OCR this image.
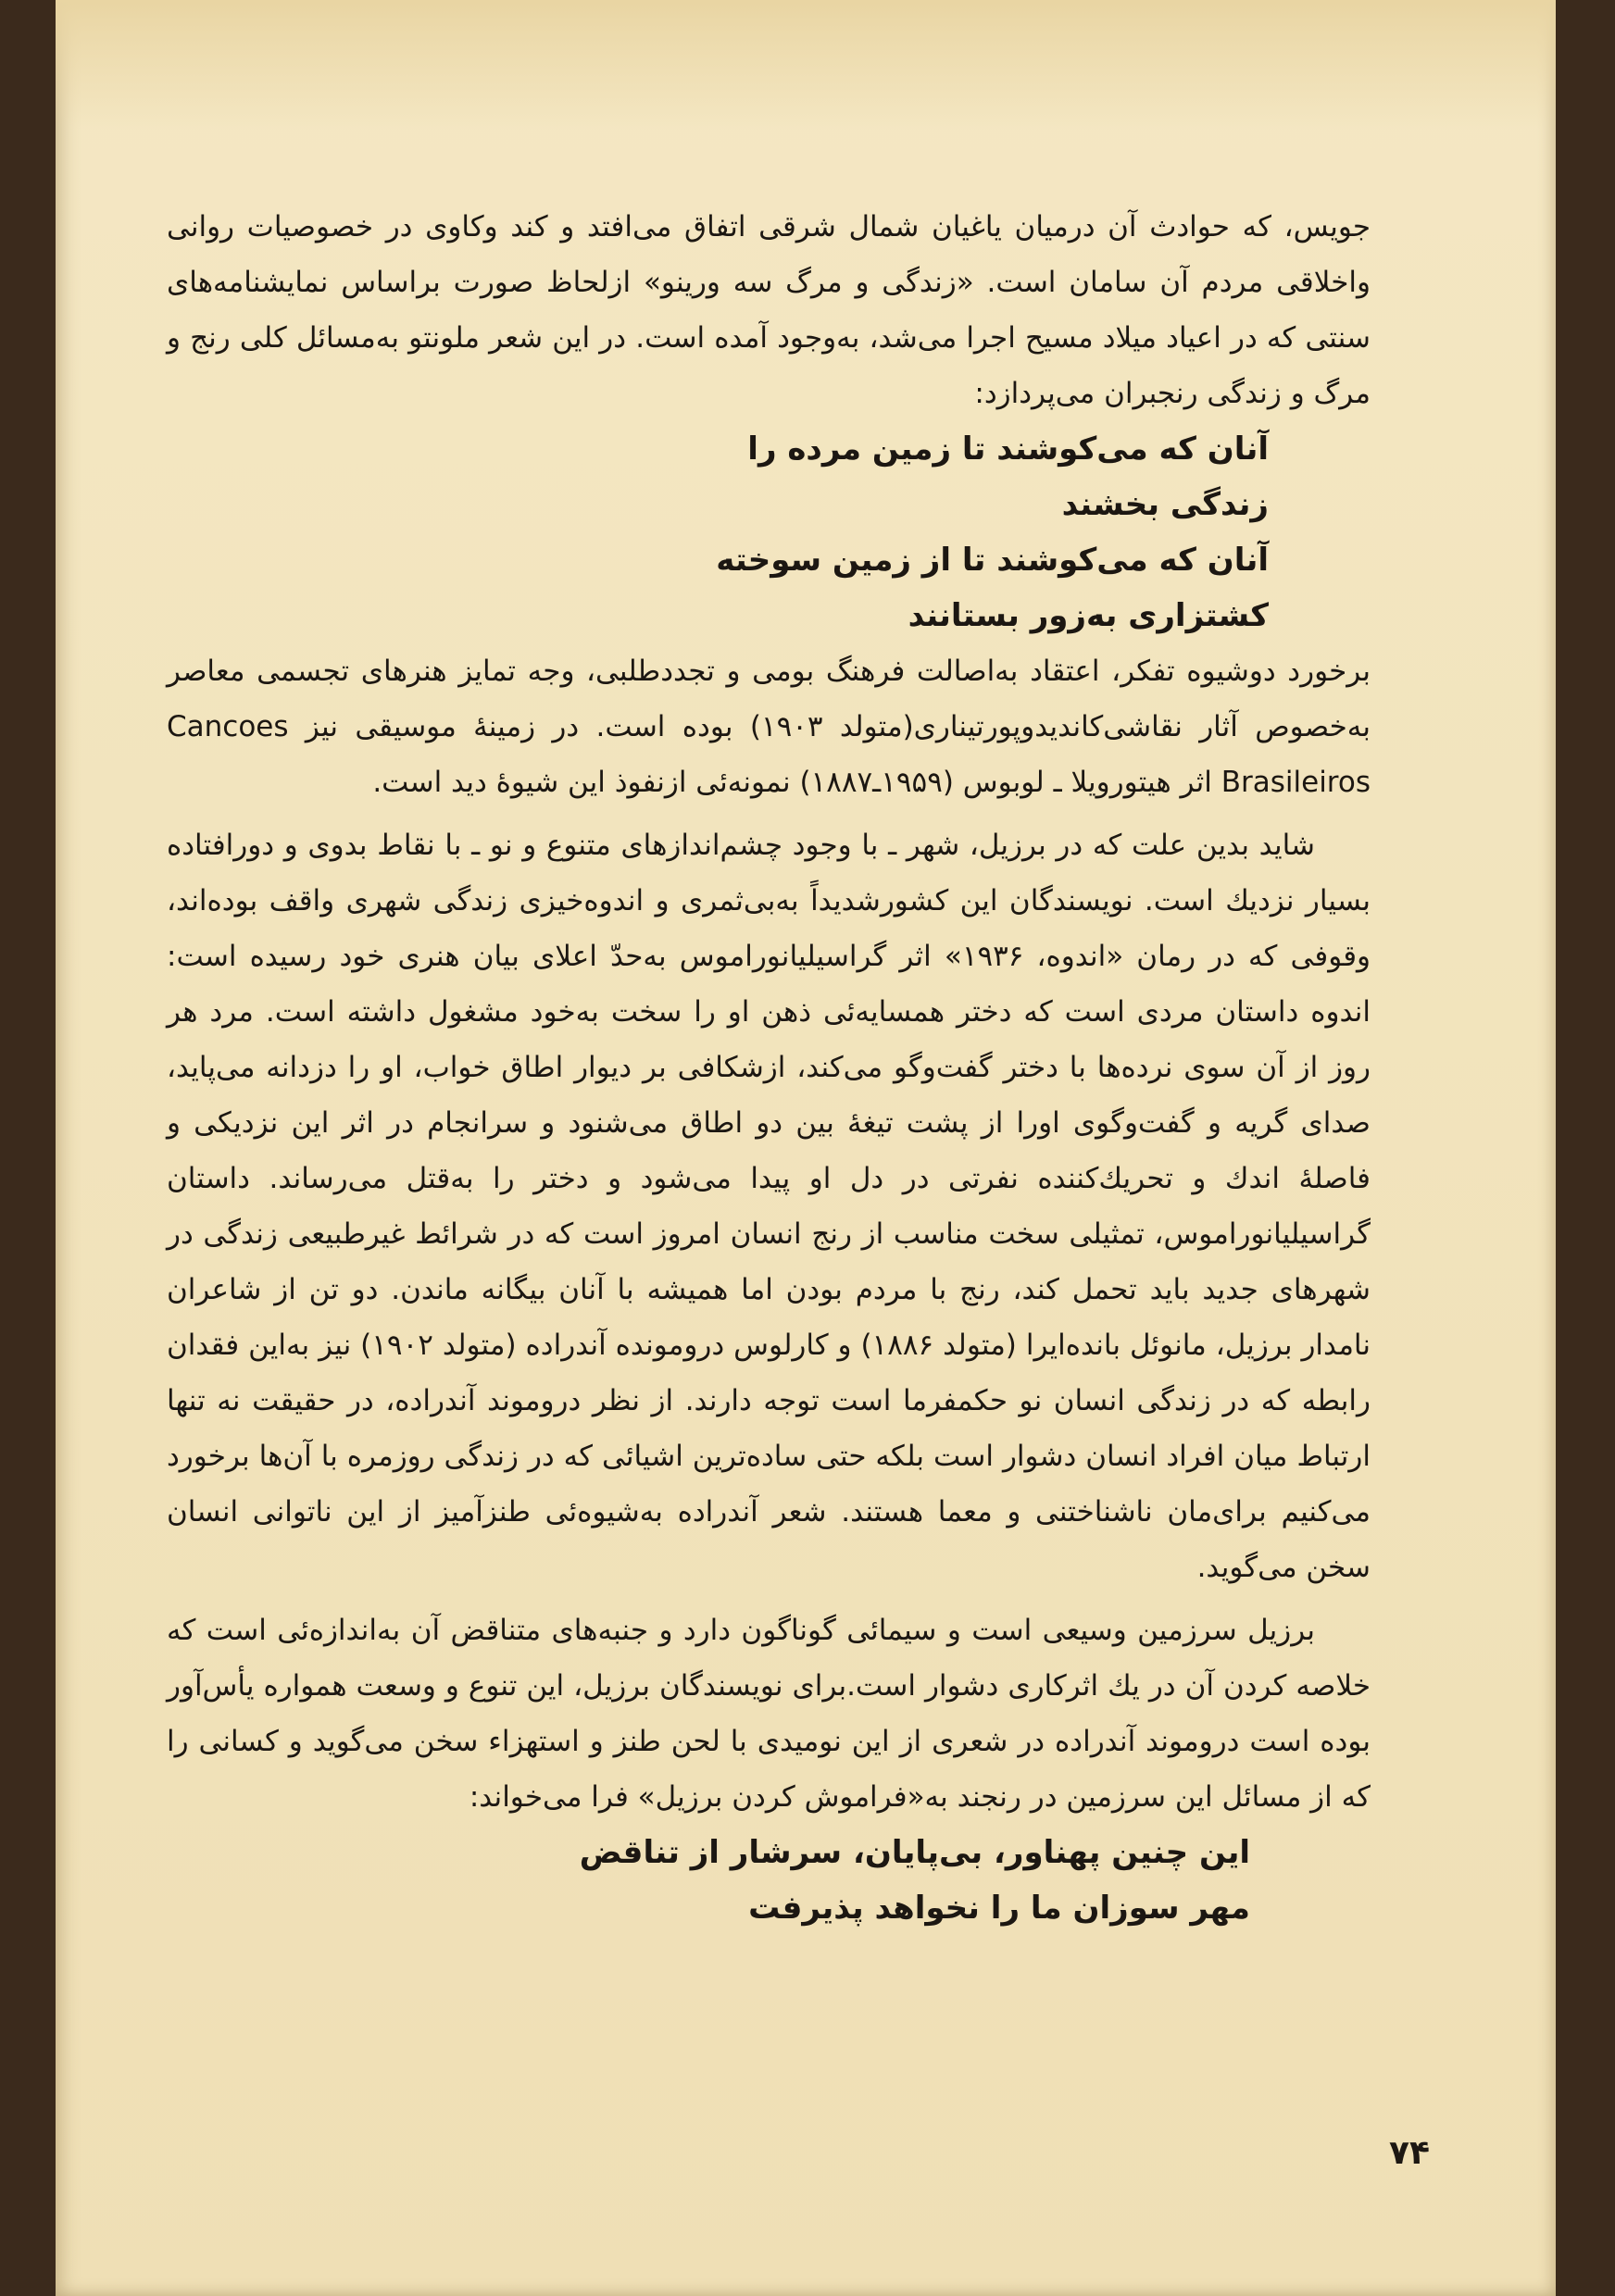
جویس، که حوادث آن درمیان یاغیان شمال شرقی اتفاق می‌افتد و کند وکاوی در خصوصیات روانی واخلاقی مردم آن سامان است. «زندگی و مرگ سه ورینو» ازلحاظ صورت براساس نمایشنامه‌های سنتی که در اعیاد میلاد مسیح اجرا می‌شد، به‌وجود آمده است. در این شعر ملونتو به‌مسائل کلی رنج و مرگ و زندگی رنجبران می‌پردازد:

آنان که می‌کوشند تا زمین مرده را
زندگی بخشند
آنان که می‌کوشند تا از زمین سوخته
کشتزاری به‌زور بستانند

برخورد دوشیوه تفکر، اعتقاد به‌اصالت فرهنگ بومی و تجددطلبی، وجه تمایز هنرهای تجسمی معاصر به‌خصوص آثار نقاشی‌کاندیدوپورتیناری(متولد ۱۹۰۳) بوده است. در زمینهٔ موسیقی نیز Cancoes Brasileiros اثر هیتورویلا ـ لوبوس (۱۹۵۹ـ۱۸۸۷) نمونه‌ئی ازنفوذ این شیوهٔ دید است.

شاید بدین علت که در برزیل، شهر ـ با وجود چشم‌اندازهای متنوع و نو ـ با نقاط بدوی و دورافتاده بسیار نزدیك است. نویسندگان این کشورشدیداً به‌بی‌ثمری و اندوه‌خیزی زندگی شهری واقف بوده‌اند، وقوفی که در رمان «اندوه، ۱۹۳۶» اثر گراسیلیانوراموس به‌حدّ اعلای بیان هنری خود رسیده است: اندوه داستان مردی است که دختر همسایه‌ئی ذهن او را سخت به‌خود مشغول داشته است. مرد هر روز از آن سوی نرده‌ها با دختر گفت‌وگو می‌کند، ازشکافی بر دیوار اطاق خواب، او را دزدانه می‌پاید، صدای گریه و گفت‌وگوی اورا از پشت تیغهٔ بین دو اطاق می‌شنود و سرانجام در اثر این نزدیکی و فاصلهٔ اندك و تحریك‌کننده نفرتی در دل او پیدا می‌شود و دختر را به‌قتل می‌رساند. داستان گراسیلیانوراموس، تمثیلی سخت مناسب از رنج انسان امروز است که در شرائط غیرطبیعی زندگی در شهرهای جدید باید تحمل کند، رنج با مردم بودن اما همیشه با آنان بیگانه ماندن. دو تن از شاعران نامدار برزیل، مانوئل بانده‌ایرا (متولد ۱۸۸۶) و کارلوس درومونده آندراده (متولد ۱۹۰۲) نیز به‌این فقدان رابطه که در زندگی انسان نو حکمفرما است توجه دارند. از نظر دروموند آندراده، در حقیقت نه تنها ارتباط میان افراد انسان دشوار است بلکه حتی ساده‌ترین اشیائی که در زندگی روزمره با آن‌ها برخورد می‌کنیم برای‌مان ناشناختنی و معما هستند. شعر آندراده به‌شیوه‌ئی طنزآمیز از این ناتوانی انسان سخن می‌گوید.

برزیل سرزمین وسیعی است و سیمائی گوناگون دارد و جنبه‌های متناقض آن به‌اندازه‌ئی است که خلاصه کردن آن در یك اثرکاری دشوار است.برای نویسندگان برزیل، این تنوع و وسعت همواره یأس‌آور بوده است دروموند آندراده در شعری از این نومیدی با لحن طنز و استهزاء سخن می‌گوید و کسانی را که از مسائل این سرزمین در رنجند به«فراموش کردن برزیل» فرا می‌خواند:

این چنین پهناور، بی‌پایان، سرشار از تناقض
مهر سوزان ما را نخواهد پذیرفت
۷۴
